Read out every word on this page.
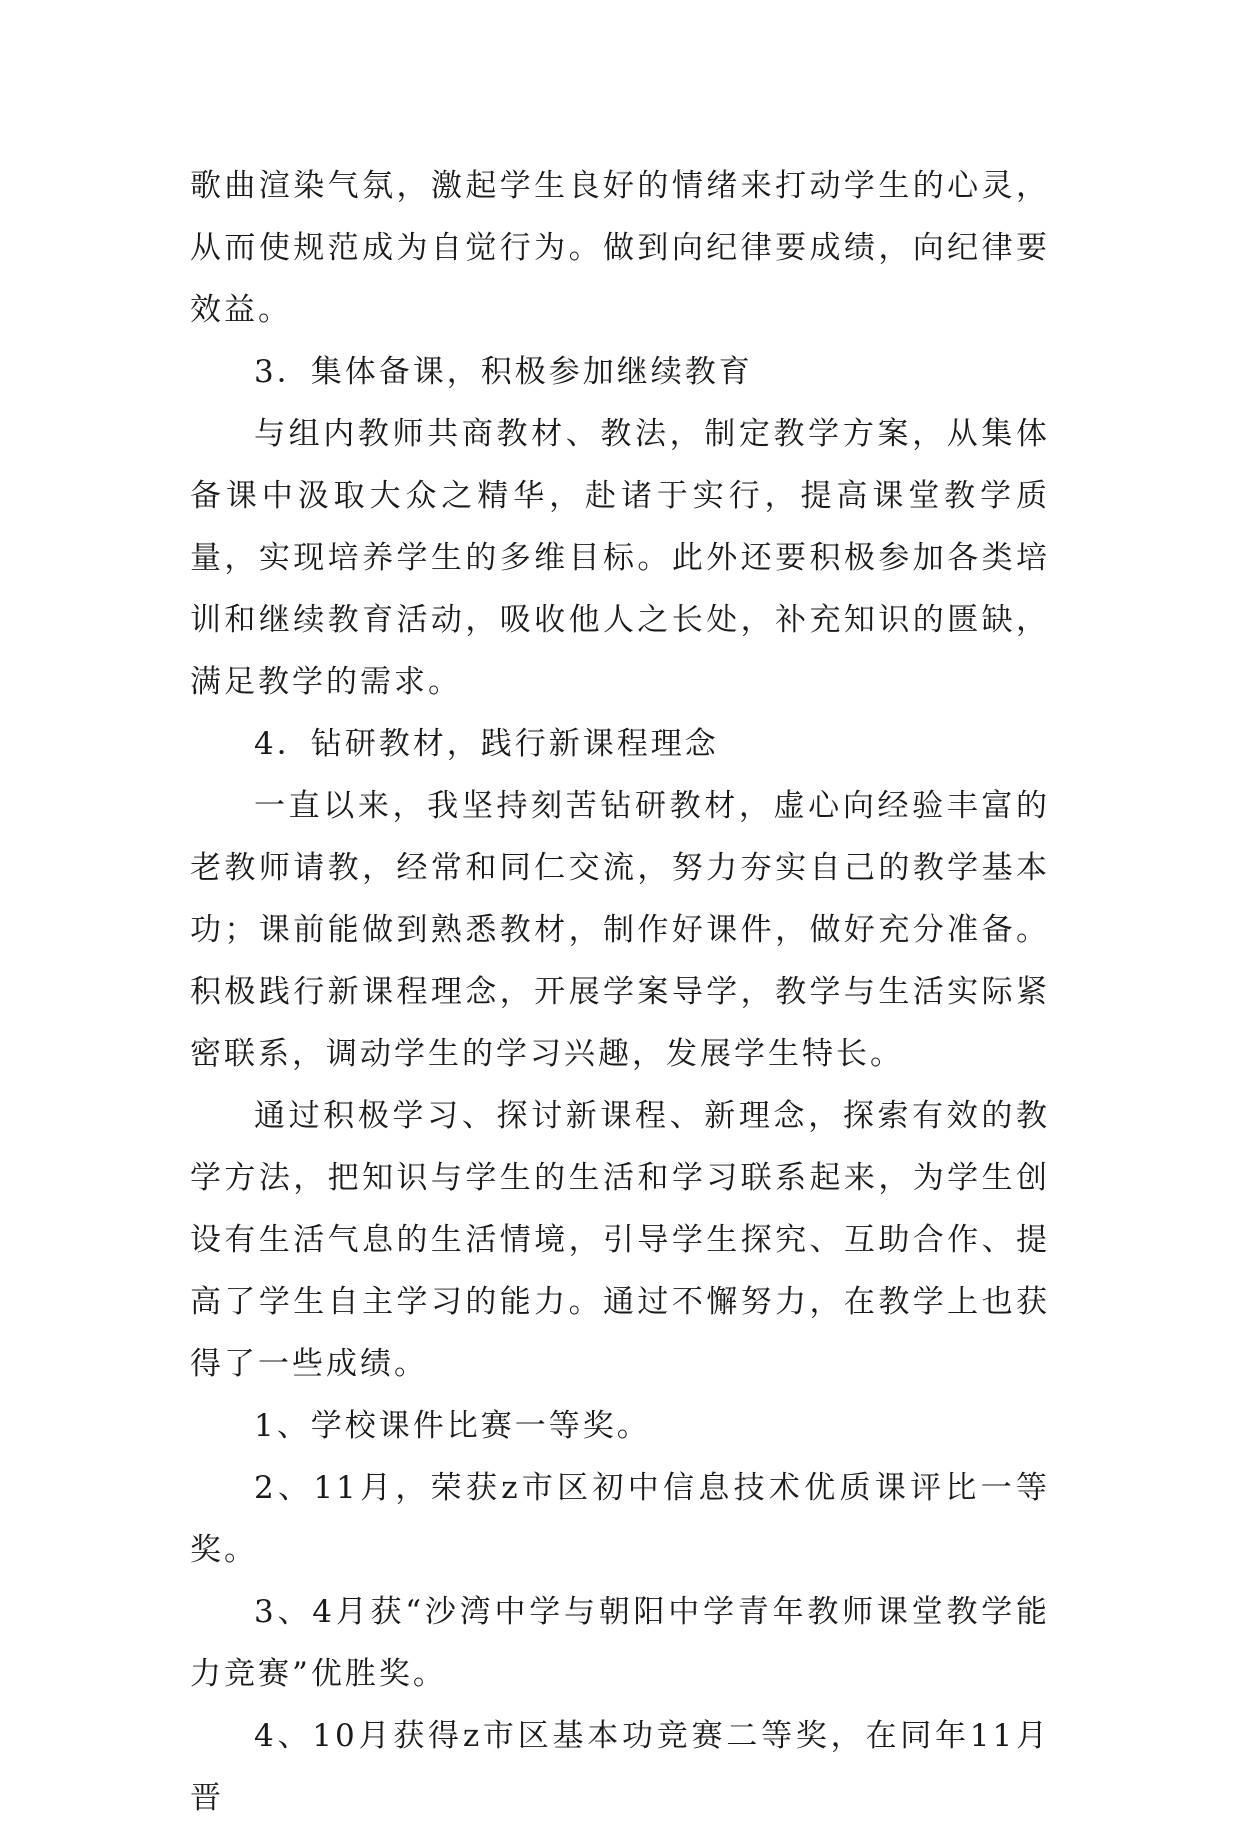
歌曲渲染气氛，激起学生良好的情绪来打动学生的心灵，从而使规范成为自觉行为。做到向纪律要成绩，向纪律要效益。

3．集体备课，积极参加继续教育

与组内教师共商教材、教法，制定教学方案，从集体备课中汲取大众之精华，赴诸于实行，提高课堂教学质量，实现培养学生的多维目标。此外还要积极参加各类培训和继续教育活动，吸收他人之长处，补充知识的匮缺，满足教学的需求。

4．钻研教材，践行新课程理念

一直以来，我坚持刻苦钻研教材，虚心向经验丰富的老教师请教，经常和同仁交流，努力夯实自己的教学基本功；课前能做到熟悉教材，制作好课件，做好充分准备。积极践行新课程理念，开展学案导学，教学与生活实际紧密联系，调动学生的学习兴趣，发展学生特长。

通过积极学习、探讨新课程、新理念，探索有效的教学方法，把知识与学生的生活和学习联系起来，为学生创设有生活气息的生活情境，引导学生探究、互助合作、提高了学生自主学习的能力。通过不懈努力，在教学上也获得了一些成绩。

1、学校课件比赛一等奖。

2、11月，荣获z市区初中信息技术优质课评比一等奖。

3、4月获“沙湾中学与朝阳中学青年教师课堂教学能力竞赛”优胜奖。

4、10月获得z市区基本功竞赛二等奖，在同年11月晋
